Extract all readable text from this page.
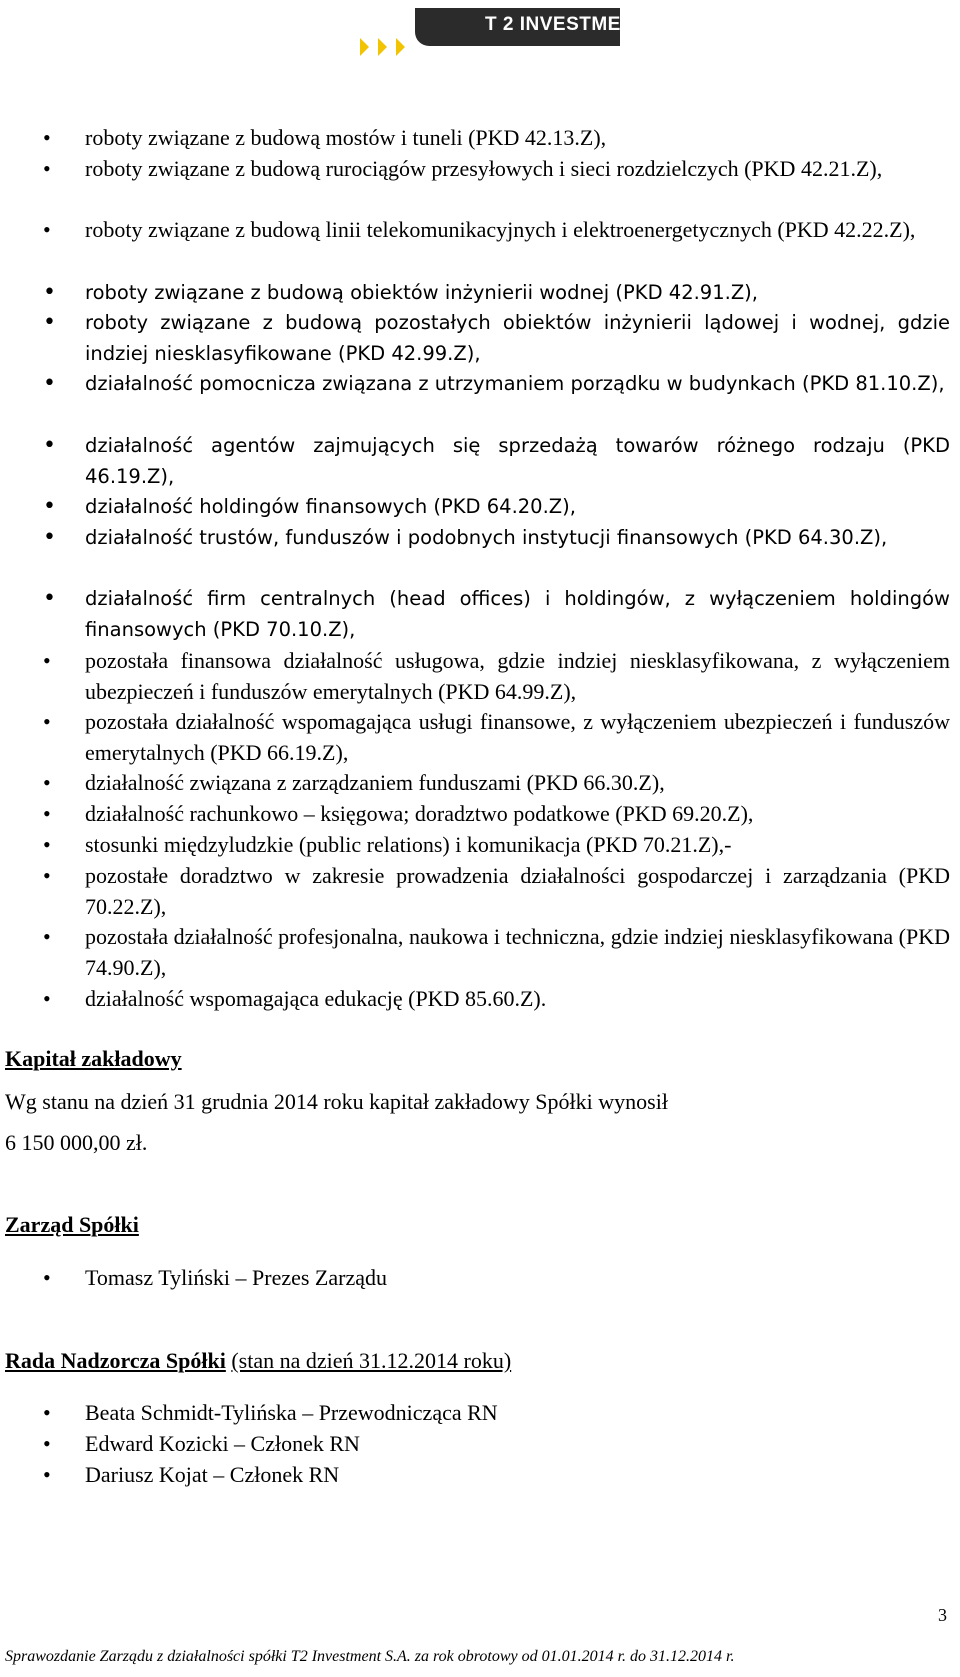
T 2 INVESTMENT
• roboty związane z budową mostów i tuneli (PKD 42.13.Z),
• roboty związane z budową rurociągów przesyłowych i sieci rozdzielczych (PKD 42.21.Z),
• roboty związane z budową linii telekomunikacyjnych i elektroenergetycznych (PKD 42.22.Z),
• roboty związane z budową obiektów inżynierii wodnej (PKD 42.91.Z),
• roboty związane z budową pozostałych obiektów inżynierii lądowej i wodnej, gdzie indziej niesklasyfikowane (PKD 42.99.Z),
• działalność pomocnicza związana z utrzymaniem porządku w budynkach (PKD 81.10.Z),
• działalność agentów zajmujących się sprzedażą towarów różnego rodzaju (PKD 46.19.Z),
• działalność holdingów finansowych (PKD 64.20.Z),
• działalność trustów, funduszów i podobnych instytucji finansowych (PKD 64.30.Z),
• działalność firm centralnych (head offices) i holdingów, z wyłączeniem holdingów finansowych (PKD 70.10.Z),
• pozostała finansowa działalność usługowa, gdzie indziej niesklasyfikowana, z wyłączeniem ubezpieczeń i funduszów emerytalnych (PKD 64.99.Z),
• pozostała działalność wspomagająca usługi finansowe, z wyłączeniem ubezpieczeń i funduszów emerytalnych (PKD 66.19.Z),
• działalność związana z zarządzaniem funduszami (PKD 66.30.Z),
• działalność rachunkowo – księgowa; doradztwo podatkowe (PKD 69.20.Z),
• stosunki międzyludzkie (public relations) i komunikacja (PKD 70.21.Z),-
• pozostałe doradztwo w zakresie prowadzenia działalności gospodarczej i zarządzania (PKD 70.22.Z),
• pozostała działalność profesjonalna, naukowa i techniczna, gdzie indziej niesklasyfikowana (PKD 74.90.Z),
• działalność wspomagająca edukację (PKD 85.60.Z).
Kapitał zakładowy
Wg stanu na dzień 31 grudnia 2014 roku kapitał zakładowy Spółki wynosił
6 150 000,00 zł.
Zarząd Spółki
• Tomasz Tyliński – Prezes Zarządu
Rada Nadzorcza Spółki (stan na dzień 31.12.2014 roku)
• Beata Schmidt-Tylińska – Przewodnicząca RN
• Edward Kozicki – Członek RN
• Dariusz Kojat – Członek RN
3
Sprawozdanie Zarządu z działalności spółki T2 Investment S.A. za rok obrotowy od 01.01.2014 r. do 31.12.2014 r.
